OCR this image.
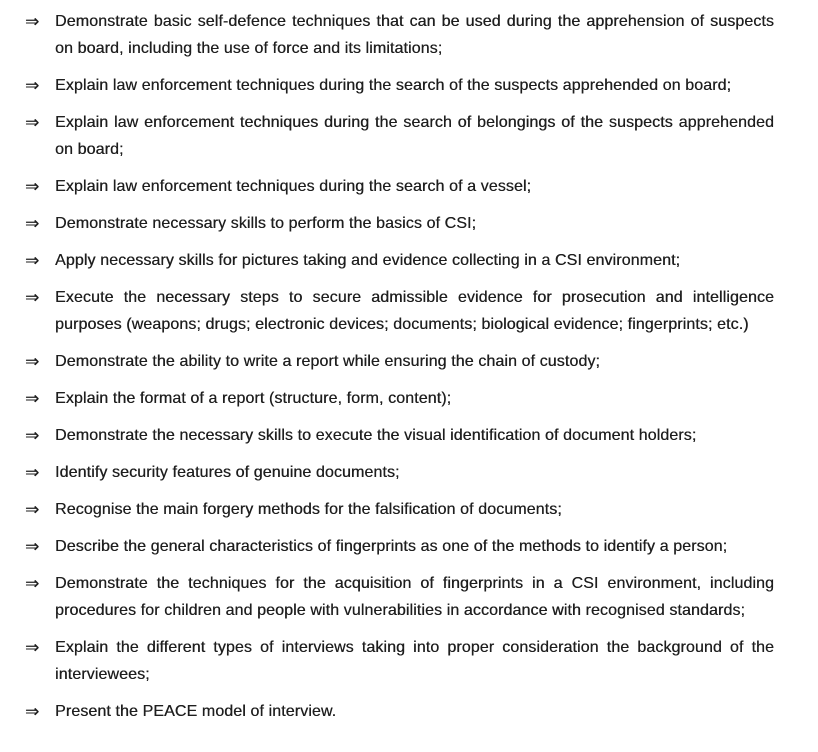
⇒ Demonstrate basic self-defence techniques that can be used during the apprehension of suspects on board, including the use of force and its limitations;
⇒ Explain law enforcement techniques during the search of the suspects apprehended on board;
⇒ Explain law enforcement techniques during the search of belongings of the suspects apprehended on board;
⇒ Explain law enforcement techniques during the search of a vessel;
⇒ Demonstrate necessary skills to perform the basics of CSI;
⇒ Apply necessary skills for pictures taking and evidence collecting in a CSI environment;
⇒ Execute the necessary steps to secure admissible evidence for prosecution and intelligence purposes (weapons; drugs; electronic devices; documents; biological evidence; fingerprints; etc.)
⇒ Demonstrate the ability to write a report while ensuring the chain of custody;
⇒ Explain the format of a report (structure, form, content);
⇒ Demonstrate the necessary skills to execute the visual identification of document holders;
⇒ Identify security features of genuine documents;
⇒ Recognise the main forgery methods for the falsification of documents;
⇒ Describe the general characteristics of fingerprints as one of the methods to identify a person;
⇒ Demonstrate the techniques for the acquisition of fingerprints in a CSI environment, including procedures for children and people with vulnerabilities in accordance with recognised standards;
⇒ Explain the different types of interviews taking into proper consideration the background of the interviewees;
⇒ Present the PEACE model of interview.
